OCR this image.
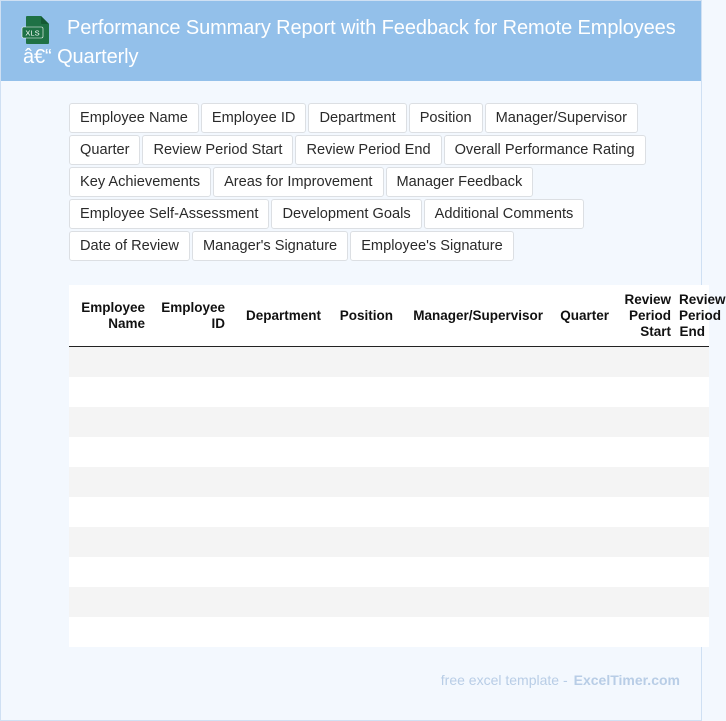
XLS	Performance Summary Report with Feedback for Remote Employees â€“ Quarterly
Employee Name Employee ID Department Position Manager/Supervisor
Quarter Review Period Start Review Period End Overall Performance Rating
Key Achievements Areas for Improvement Manager Feedback
Employee Self-Assessment Development Goals Additional Comments
Date of Review Manager's Signature Employee's Signature
Employee Name	Employee ID	Department	Position	Manager/Supervisor	Quarter	Review Period Start	Review Period End

free excel template - ExcelTimer.com
